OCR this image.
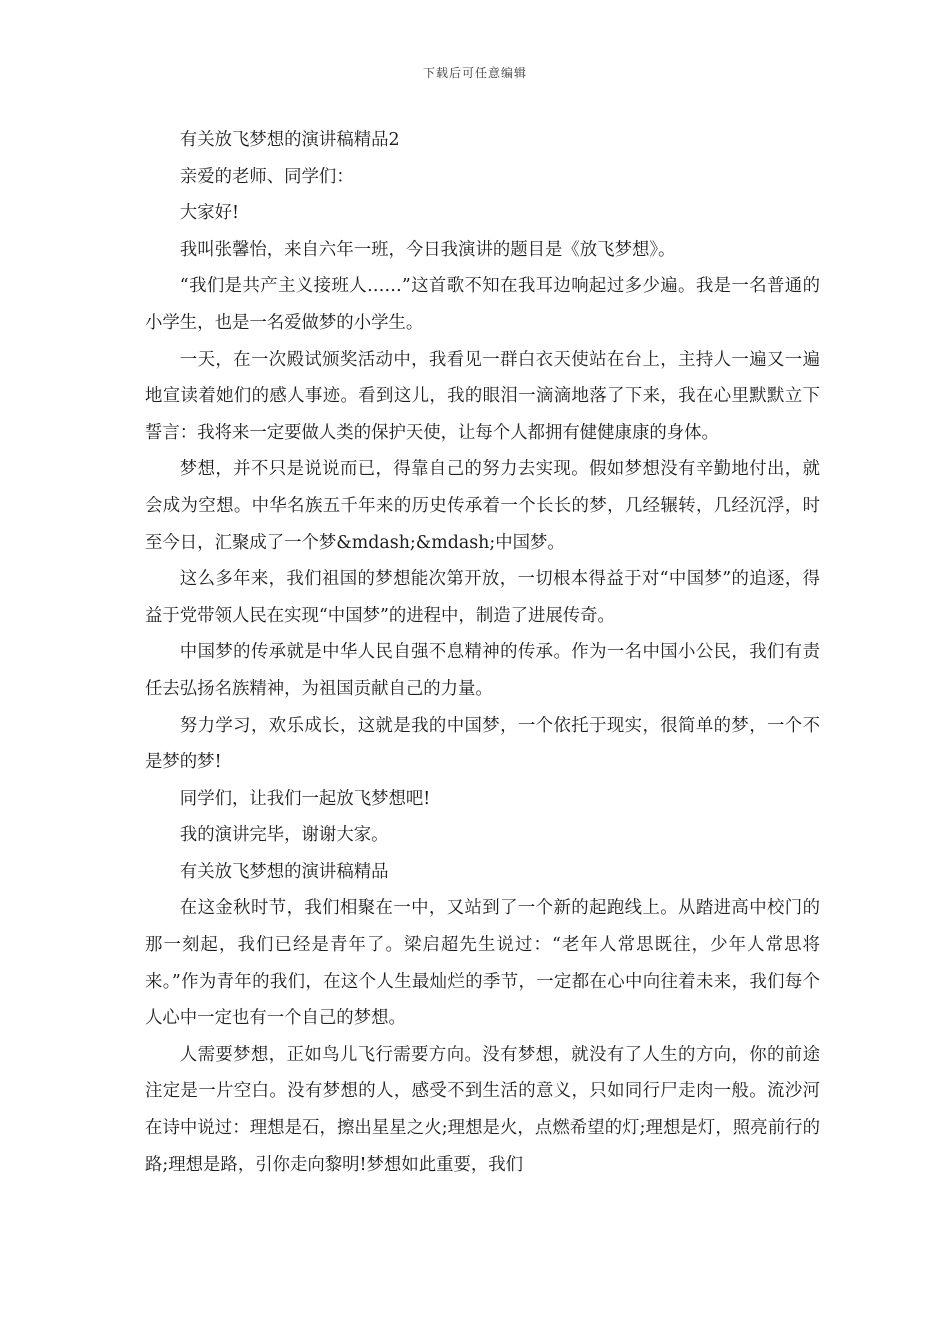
下载后可任意编辑

有关放飞梦想的演讲稿精品2

亲爱的老师、同学们：

大家好!

我叫张馨怡，来自六年一班，今日我演讲的题目是《放飞梦想》。

“我们是共产主义接班人……”这首歌不知在我耳边响起过多少遍。我是一名普通的小学生，也是一名爱做梦的小学生。

一天，在一次殿试颁奖活动中，我看见一群白衣天使站在台上，主持人一遍又一遍地宣读着她们的感人事迹。看到这儿，我的眼泪一滴滴地落了下来，我在心里默默立下誓言：我将来一定要做人类的保护天使，让每个人都拥有健健康康的身体。

梦想，并不只是说说而已，得靠自己的努力去实现。假如梦想没有辛勤地付出，就会成为空想。中华名族五千年来的历史传承着一个长长的梦，几经辗转，几经沉浮，时至今日，汇聚成了一个梦&mdash;&mdash;中国梦。

这么多年来，我们祖国的梦想能次第开放，一切根本得益于对“中国梦”的追逐，得益于党带领人民在实现“中国梦”的进程中，制造了进展传奇。

中国梦的传承就是中华人民自强不息精神的传承。作为一名中国小公民，我们有责任去弘扬名族精神，为祖国贡献自己的力量。

努力学习，欢乐成长，这就是我的中国梦，一个依托于现实，很简单的梦，一个不是梦的梦!

同学们，让我们一起放飞梦想吧!

我的演讲完毕，谢谢大家。

有关放飞梦想的演讲稿精品

在这金秋时节，我们相聚在一中，又站到了一个新的起跑线上。从踏进高中校门的那一刻起，我们已经是青年了。梁启超先生说过：“老年人常思既往，少年人常思将来。”作为青年的我们，在这个人生最灿烂的季节，一定都在心中向往着未来，我们每个人心中一定也有一个自己的梦想。

人需要梦想，正如鸟儿飞行需要方向。没有梦想，就没有了人生的方向，你的前途注定是一片空白。没有梦想的人，感受不到生活的意义，只如同行尸走肉一般。流沙河在诗中说过：理想是石，擦出星星之火;理想是火，点燃希望的灯;理想是灯，照亮前行的路;理想是路，引你走向黎明!梦想如此重要，我们
